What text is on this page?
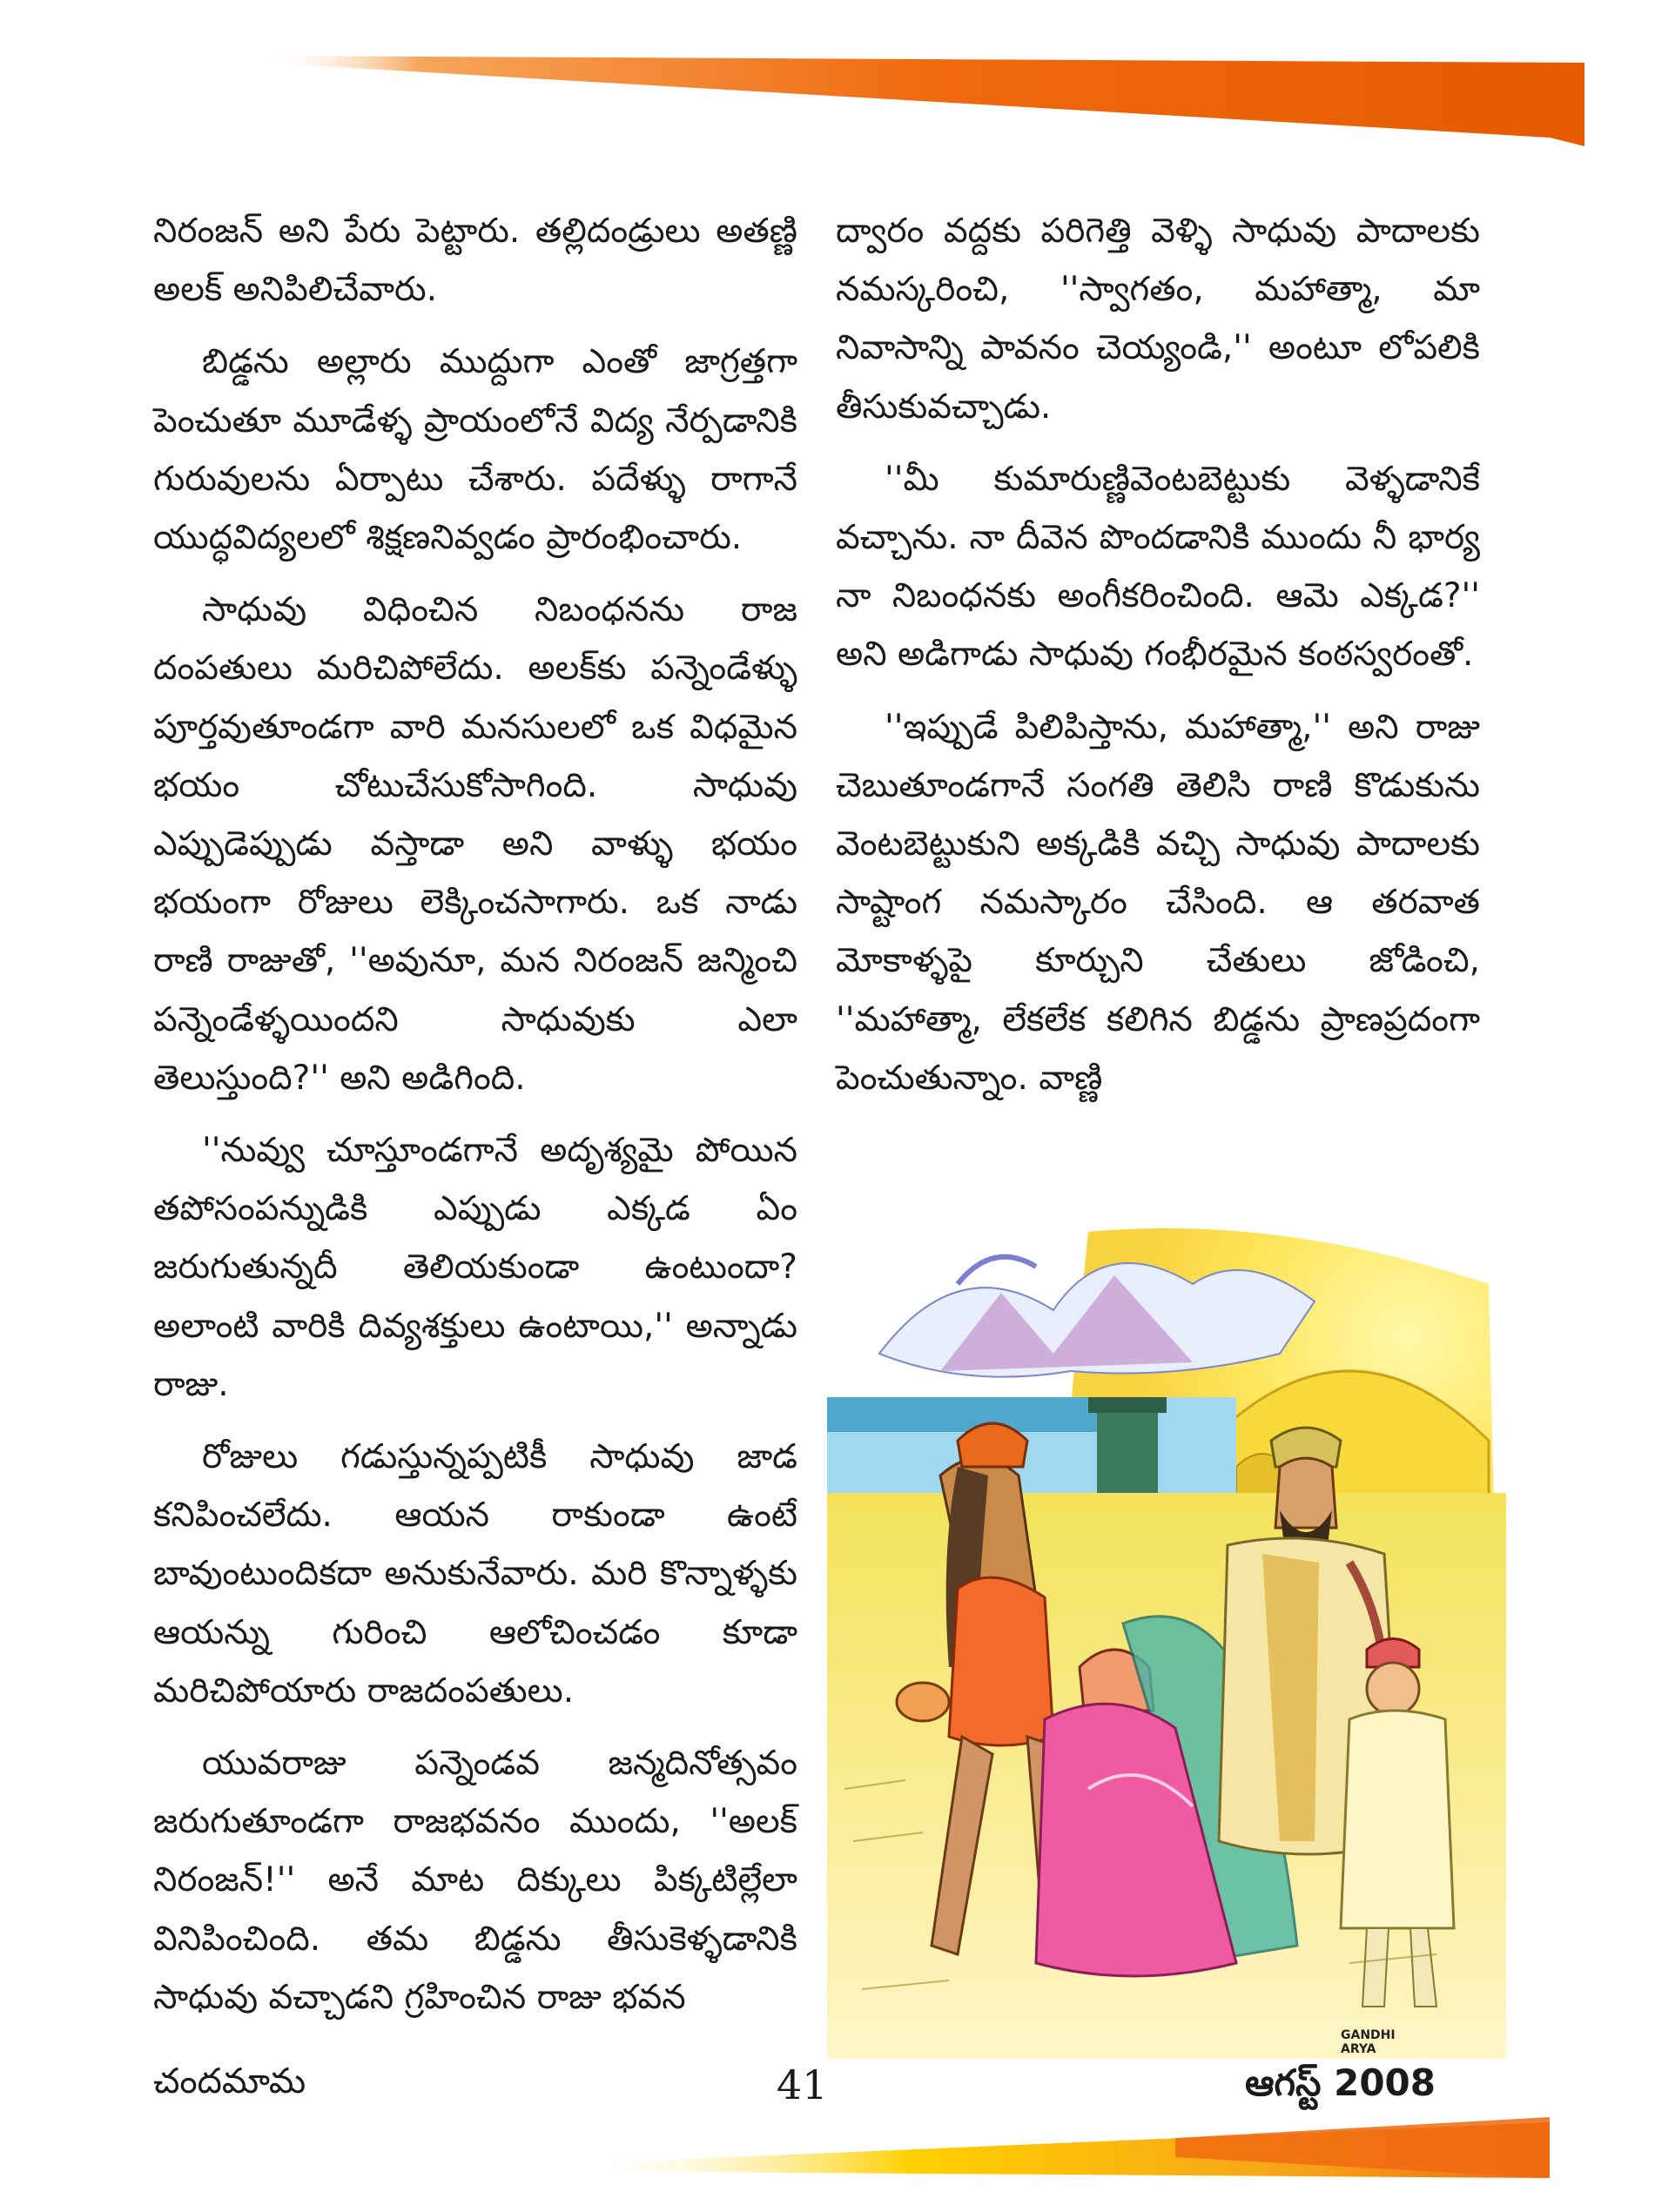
నిరంజన్ అని పేరు పెట్టారు. తల్లిదండ్రులు అతణ్ణి అలక్ అనిపిలిచేవారు.

బిడ్డను అల్లారు ముద్దుగా ఎంతో జాగ్రత్తగా పెంచుతూ మూడేళ్ళ ప్రాయంలోనే విద్య నేర్పడానికి గురువులను ఏర్పాటు చేశారు. పదేళ్ళు రాగానే యుద్ధవిద్యలలో శిక్షణనివ్వడం ప్రారంభించారు.

సాధువు విధించిన నిబంధనను రాజ దంపతులు మరిచిపోలేదు. అలక్‌కు పన్నెండేళ్ళు పూర్తవుతూండగా వారి మనసులలో ఒక విధమైన భయం చోటుచేసుకోసాగింది. సాధువు ఎప్పుడెప్పుడు వస్తాడా అని వాళ్ళు భయం భయంగా రోజులు లెక్కించసాగారు. ఒక నాడు రాణి రాజుతో, ''అవునూ, మన నిరంజన్ జన్మించి పన్నెండేళ్ళయిందని సాధువుకు ఎలా తెలుస్తుంది?'' అని అడిగింది.

''నువ్వు చూస్తూండగానే అదృశ్యమై పోయిన తపోసంపన్నుడికి ఎప్పుడు ఎక్కడ ఏం జరుగుతున్నదీ తెలియకుండా ఉంటుందా? అలాంటి వారికి దివ్యశక్తులు ఉంటాయి,'' అన్నాడు రాజు.

రోజులు గడుస్తున్నప్పటికీ సాధువు జాడ కనిపించలేదు. ఆయన రాకుండా ఉంటే బావుంటుందికదా అనుకునేవారు. మరి కొన్నాళ్ళకు ఆయన్ను గురించి ఆలోచించడం కూడా మరిచిపోయారు రాజదంపతులు.

యువరాజు పన్నెండవ జన్మదినోత్సవం జరుగుతూండగా రాజభవనం ముందు, ''అలక్ నిరంజన్!'' అనే మాట దిక్కులు పిక్కటిల్లేలా వినిపించింది. తమ బిడ్డను తీసుకెళ్ళడానికి సాధువు వచ్చాడని గ్రహించిన రాజు భవన

ద్వారం వద్దకు పరిగెత్తి వెళ్ళి సాధువు పాదాలకు నమస్కరించి, ''స్వాగతం, మహాత్మా, మా నివాసాన్ని పావనం చెయ్యండి,'' అంటూ లోపలికి తీసుకువచ్చాడు.

''మీ కుమారుణ్ణివెంటబెట్టుకు వెళ్ళడానికే వచ్చాను. నా దీవెన పొందడానికి ముందు నీ భార్య నా నిబంధనకు అంగీకరించింది. ఆమె ఎక్కడ?'' అని అడిగాడు సాధువు గంభీరమైన కంఠస్వరంతో.

''ఇప్పుడే పిలిపిస్తాను, మహాత్మా,'' అని రాజు చెబుతూండగానే సంగతి తెలిసి రాణి కొడుకును వెంటబెట్టుకుని అక్కడికి వచ్చి సాధువు పాదాలకు సాష్టాంగ నమస్కారం చేసింది. ఆ తరవాత మోకాళ్ళపై కూర్చుని చేతులు జోడించి, ''మహాత్మా, లేకలేక కలిగిన బిడ్డను ప్రాణప్రదంగా పెంచుతున్నాం. వాణ్ణి

GANDHI
ARYA
చందమామ	41	ఆగస్ట్ 2008
